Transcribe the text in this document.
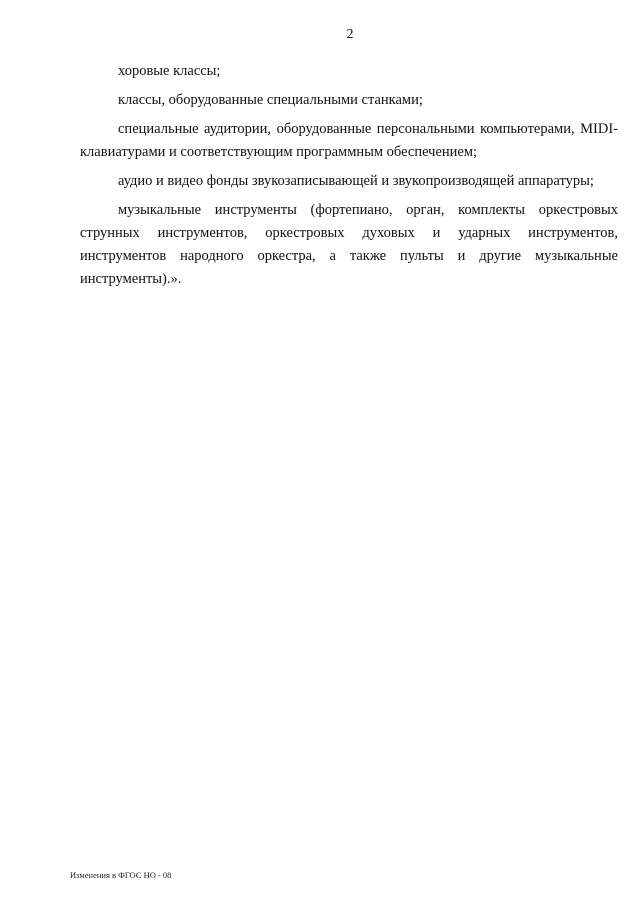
2

хоровые классы;

классы, оборудованные специальными станками;

специальные аудитории, оборудованные персональными компьютерами, MIDI-клавиатурами и соответствующим программным обеспечением;

аудио и видео фонды звукозаписывающей и звукопроизводящей аппаратуры;

музыкальные инструменты (фортепиано, орган, комплекты оркестровых струнных инструментов, оркестровых духовых и ударных инструментов, инструментов народного оркестра, а также пульты и другие музыкальные инструменты).».

Изменения в ФГОС НО - 08
